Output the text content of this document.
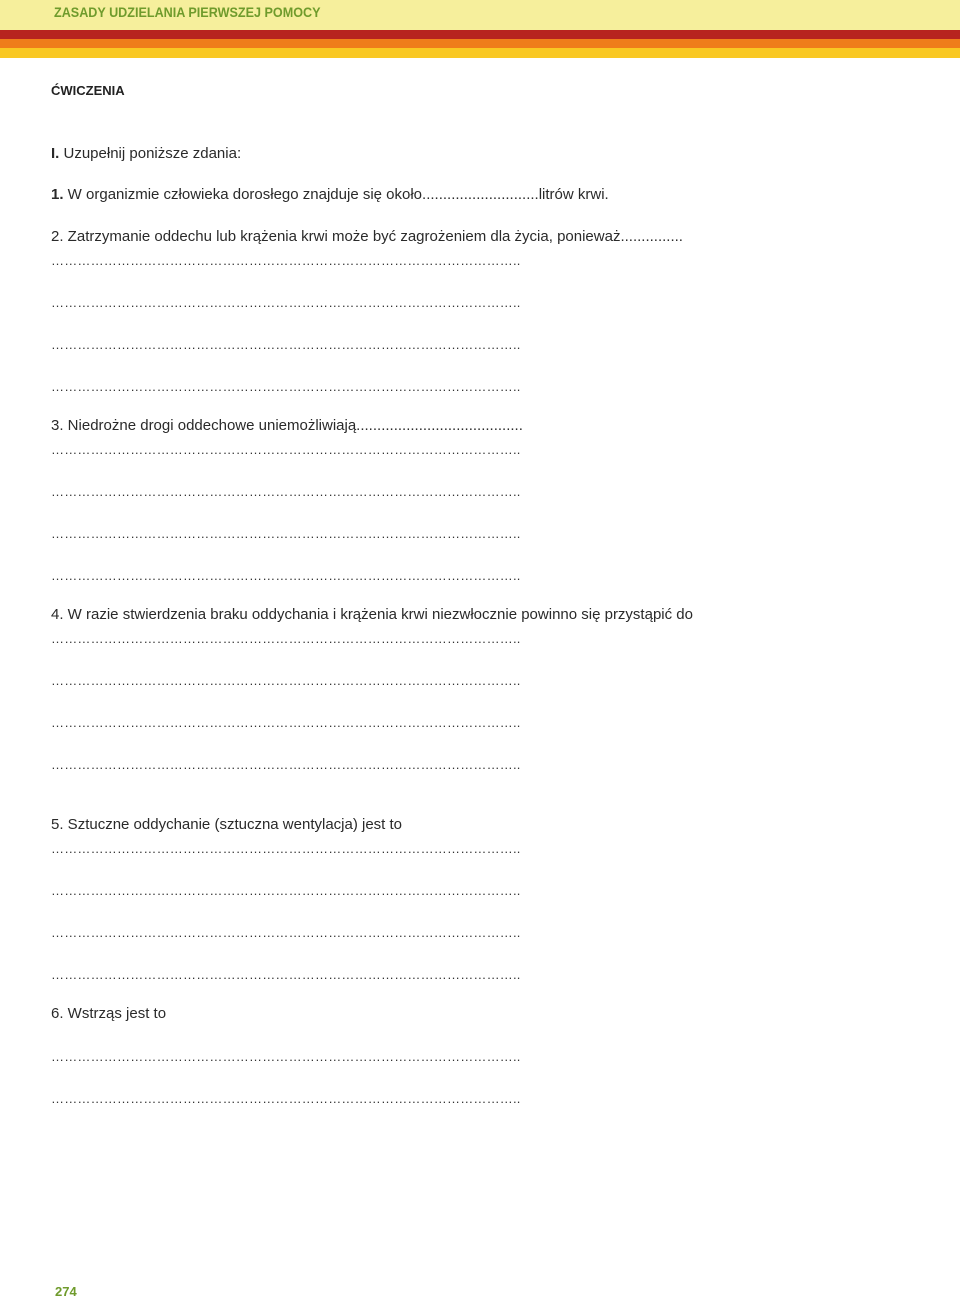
ZASADY UDZIELANIA PIERWSZEJ POMOCY
ĆWICZENIA
I. Uzupełnij poniższe zdania:
1. W organizmie człowieka dorosłego znajduje się około............................litrów krwi.
2. Zatrzymanie oddechu lub krążenia krwi może być zagrożeniem dla życia, ponieważ...............
……………………………………………………………………………………………..
……………………………………………………………………………………………..
……………………………………………………………………………………………..
……………………………………………………………………………………………..
3. Niedrożne drogi oddechowe uniemożliwiają........................................
……………………………………………………………………………………………..
……………………………………………………………………………………………..
……………………………………………………………………………………………..
……………………………………………………………………………………………..
4. W razie stwierdzenia braku oddychania i krążenia krwi niezwłocznie powinno się przystąpić do
……………………………………………………………………………………………..
……………………………………………………………………………………………..
……………………………………………………………………………………………..
……………………………………………………………………………………………..
5. Sztuczne oddychanie (sztuczna wentylacja) jest to
……………………………………………………………………………………………..
……………………………………………………………………………………………..
……………………………………………………………………………………………..
……………………………………………………………………………………………..
6. Wstrząs jest to
……………………………………………………………………………………………..
……………………………………………………………………………………………..
274
